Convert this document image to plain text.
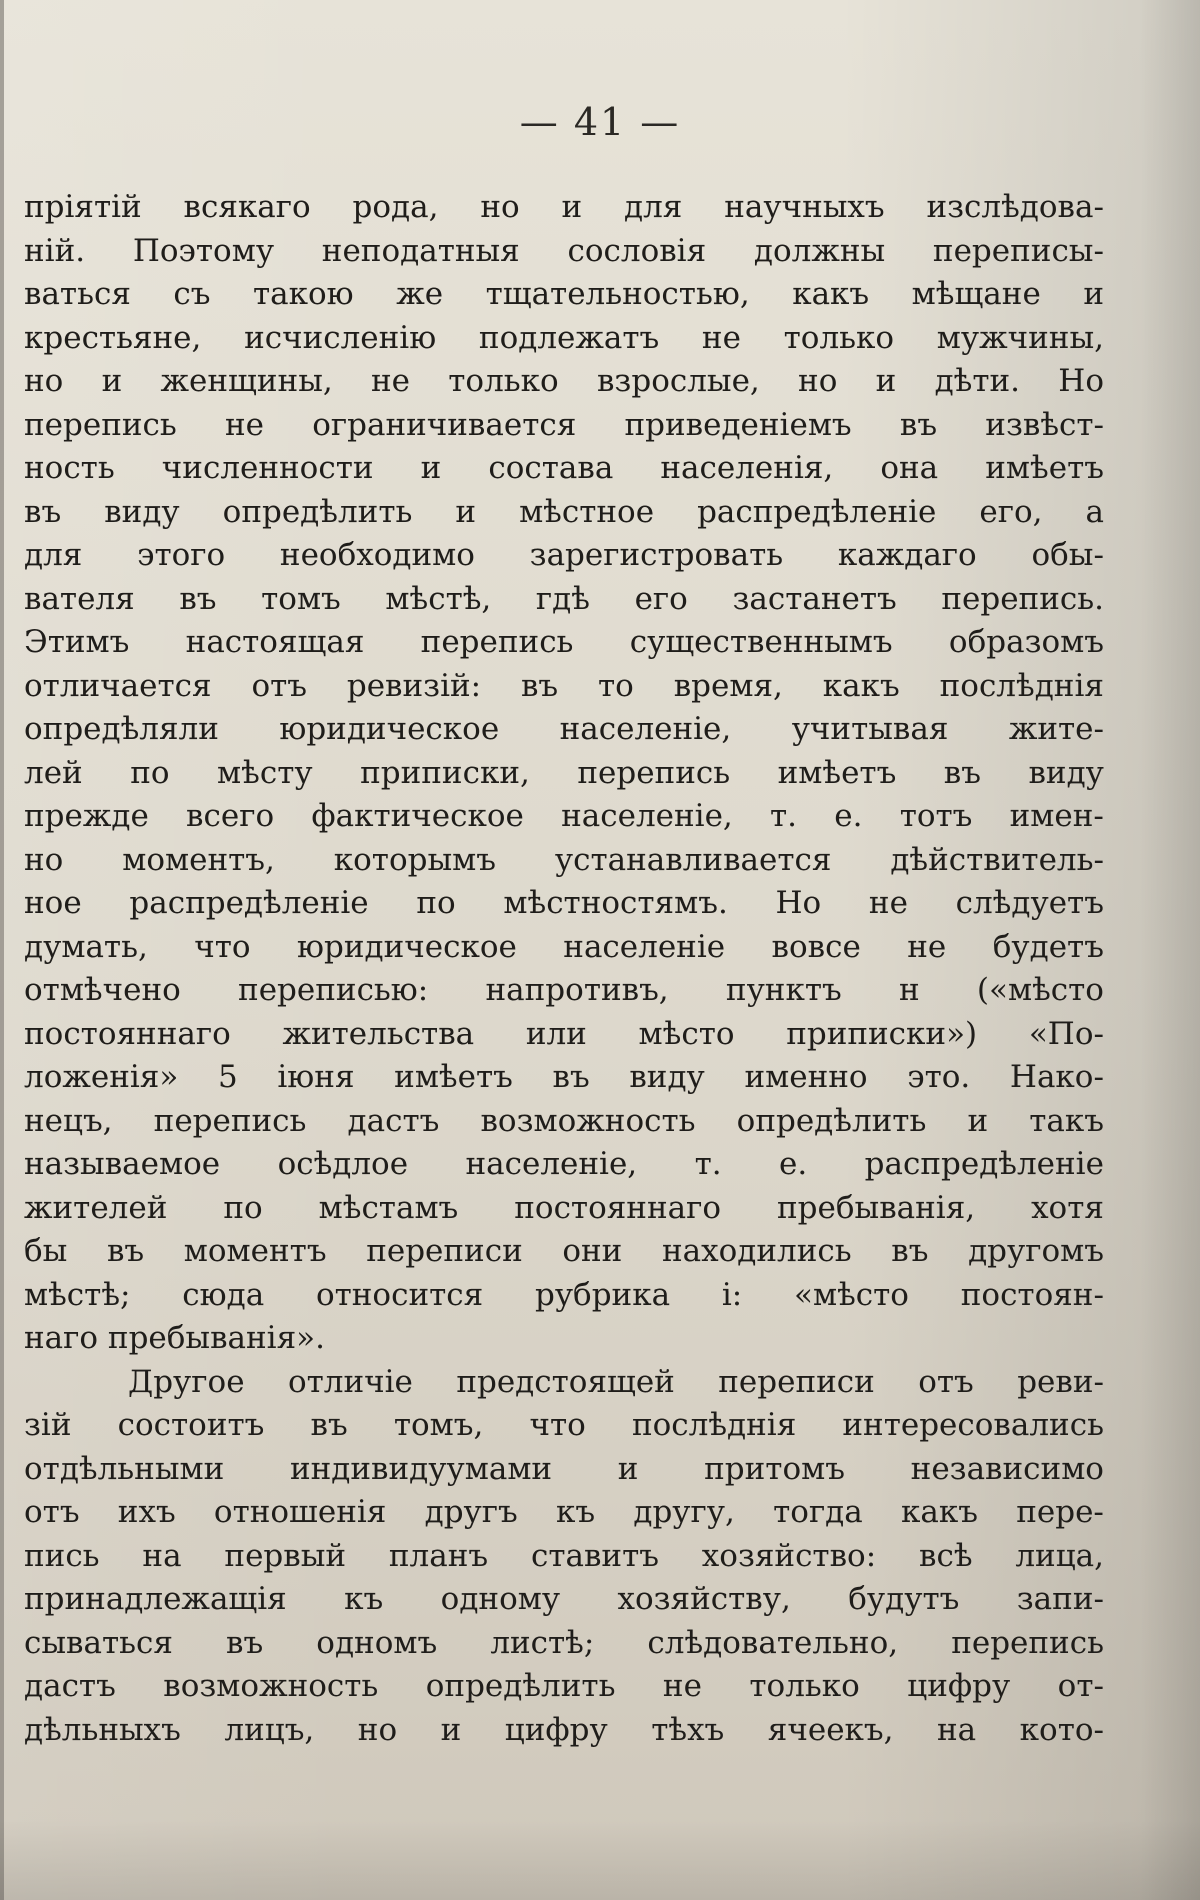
— 41 —
пріятій всякаго рода, но и для научныхъ изслѣдова-
ній. Поэтому неподатныя сословія должны переписы-
ваться съ такою же тщательностью, какъ мѣщане и
крестьяне, исчисленію подлежатъ не только мужчины,
но и женщины, не только взрослые, но и дѣти. Но
перепись не ограничивается приведеніемъ въ извѣст-
ность численности и состава населенія, она имѣетъ
въ виду опредѣлить и мѣстное распредѣленіе его, а
для этого необходимо зарегистровать каждаго обы-
вателя въ томъ мѣстѣ, гдѣ его застанетъ перепись.
Этимъ настоящая перепись существеннымъ образомъ
отличается отъ ревизій: въ то время, какъ послѣднія
опредѣляли юридическое населеніе, учитывая жите-
лей по мѣсту приписки, перепись имѣетъ въ виду
прежде всего фактическое населеніе, т. е. тотъ имен-
но моментъ, которымъ устанавливается дѣйствитель-
ное распредѣленіе по мѣстностямъ. Но не слѣдуетъ
думать, что юридическое населеніе вовсе не будетъ
отмѣчено переписью: напротивъ, пунктъ н («мѣсто
постояннаго жительства или мѣсто приписки») «По-
ложенія» 5 іюня имѣетъ въ виду именно это. Нако-
нецъ, перепись дастъ возможность опредѣлить и такъ
называемое осѣдлое населеніе, т. е. распредѣленіе
жителей по мѣстамъ постояннаго пребыванія, хотя
бы въ моментъ переписи они находились въ другомъ
мѣстѣ; сюда относится рубрика і: «мѣсто постоян-
наго пребыванія».
Другое отличіе предстоящей переписи отъ реви-
зій состоитъ въ томъ, что послѣднія интересовались
отдѣльными индивидуумами и притомъ независимо
отъ ихъ отношенія другъ къ другу, тогда какъ пере-
пись на первый планъ ставитъ хозяйство: всѣ лица,
принадлежащія къ одному хозяйству, будутъ запи-
сываться въ одномъ листѣ; слѣдовательно, перепись
дастъ возможность опредѣлить не только цифру от-
дѣльныхъ лицъ, но и цифру тѣхъ ячеекъ, на кото-
